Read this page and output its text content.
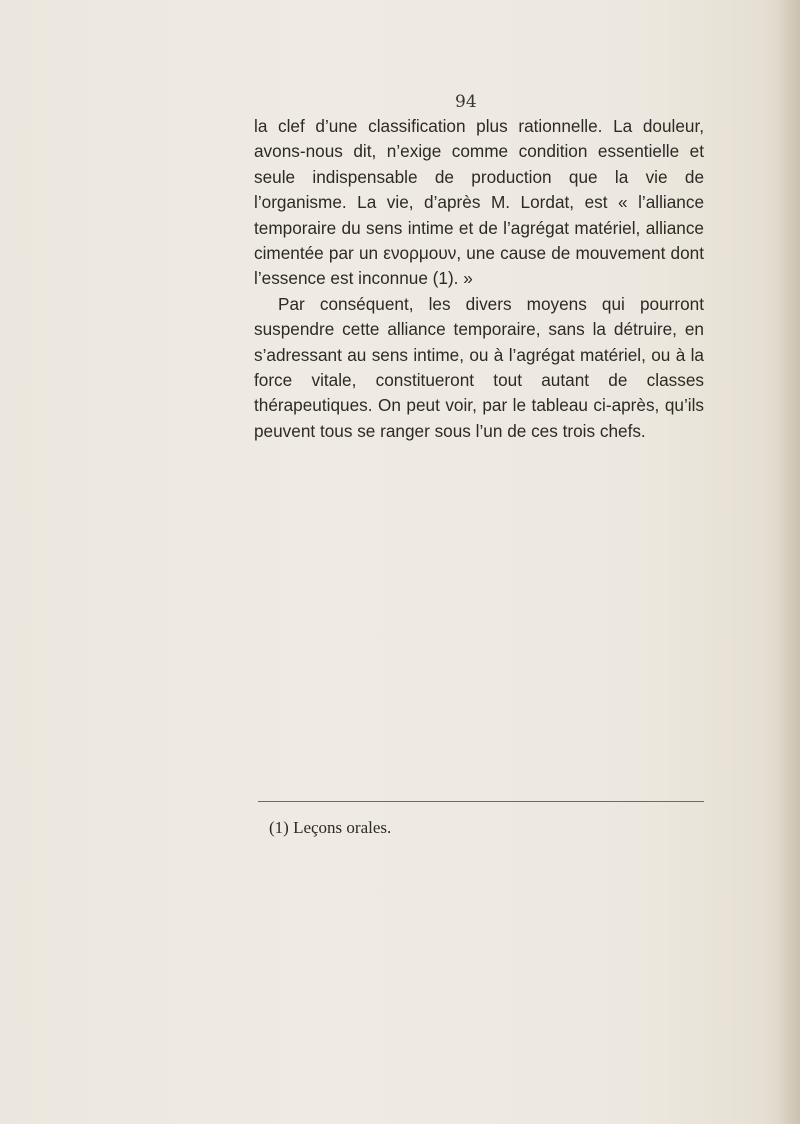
94

la clef d’une classification plus rationnelle. La douleur, avons-nous dit, n’exige comme condition essentielle et seule indispensable de production que la vie de l’organisme. La vie, d’après M. Lordat, est « l’alliance temporaire du sens intime et de l’agrégat matériel, alliance cimentée par un ενορμουν, une cause de mouvement dont l’essence est inconnue (1). »

Par conséquent, les divers moyens qui pourront suspendre cette alliance temporaire, sans la détruire, en s’adressant au sens intime, ou à l’agrégat matériel, ou à la force vitale, constitueront tout autant de classes thérapeutiques. On peut voir, par le tableau ci-après, qu’ils peuvent tous se ranger sous l’un de ces trois chefs.

(1) Leçons orales.
